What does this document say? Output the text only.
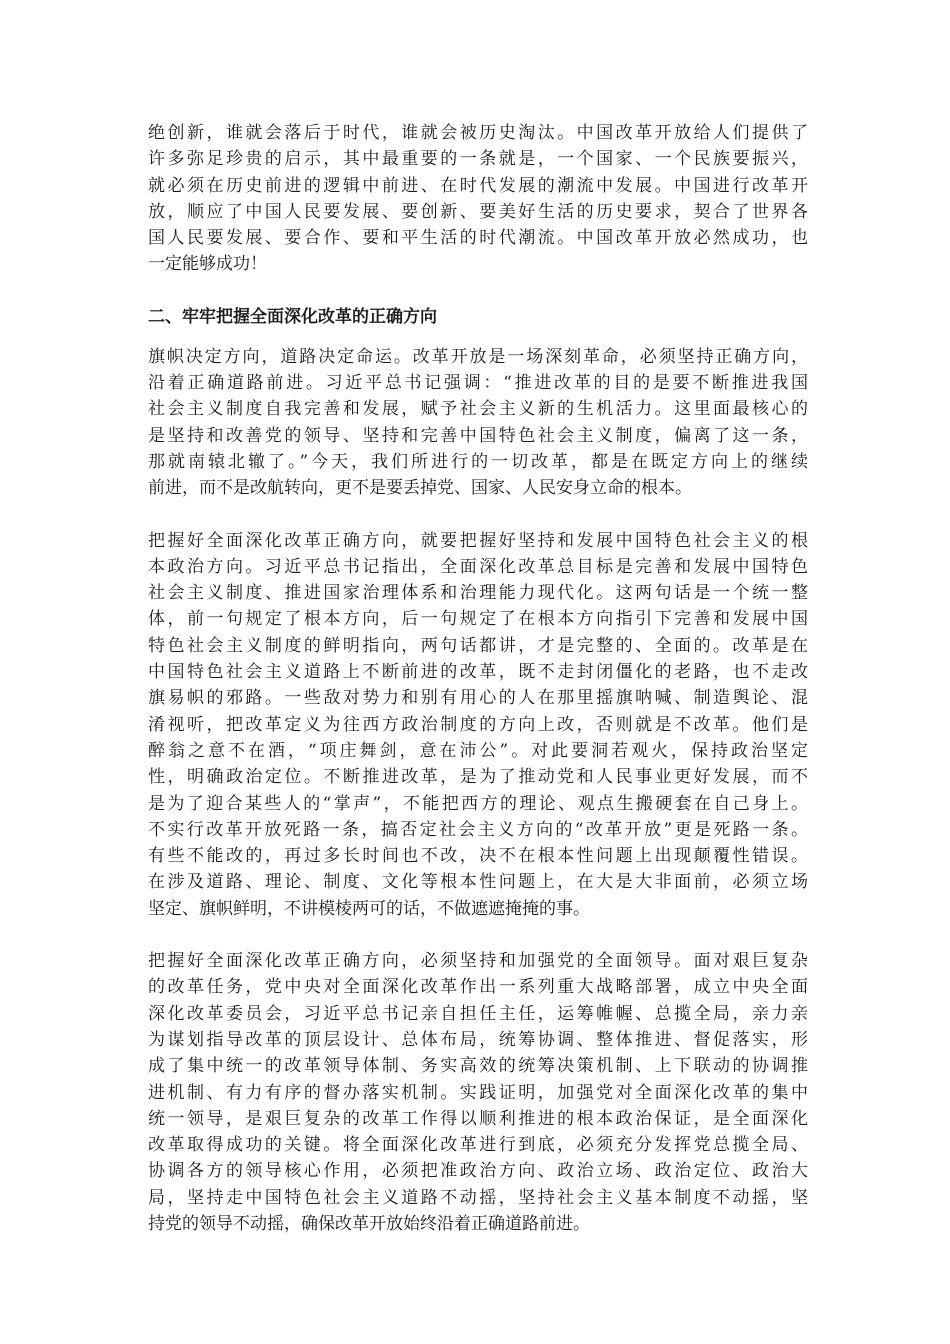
绝创新，谁就会落后于时代，谁就会被历史淘汰。中国改革开放给人们提供了
许多弥足珍贵的启示，其中最重要的一条就是，一个国家、一个民族要振兴，
就必须在历史前进的逻辑中前进、在时代发展的潮流中发展。中国进行改革开
放，顺应了中国人民要发展、要创新、要美好生活的历史要求，契合了世界各
国人民要发展、要合作、要和平生活的时代潮流。中国改革开放必然成功，也
一定能够成功！
二、牢牢把握全面深化改革的正确方向
旗帜决定方向，道路决定命运。改革开放是一场深刻革命，必须坚持正确方向，
沿着正确道路前进。习近平总书记强调：“推进改革的目的是要不断推进我国
社会主义制度自我完善和发展，赋予社会主义新的生机活力。这里面最核心的
是坚持和改善党的领导、坚持和完善中国特色社会主义制度，偏离了这一条，
那就南辕北辙了。”今天，我们所进行的一切改革，都是在既定方向上的继续
前进，而不是改航转向，更不是要丢掉党、国家、人民安身立命的根本。
把握好全面深化改革正确方向，就要把握好坚持和发展中国特色社会主义的根
本政治方向。习近平总书记指出，全面深化改革总目标是完善和发展中国特色
社会主义制度、推进国家治理体系和治理能力现代化。这两句话是一个统一整
体，前一句规定了根本方向，后一句规定了在根本方向指引下完善和发展中国
特色社会主义制度的鲜明指向，两句话都讲，才是完整的、全面的。改革是在
中国特色社会主义道路上不断前进的改革，既不走封闭僵化的老路，也不走改
旗易帜的邪路。一些敌对势力和别有用心的人在那里摇旗呐喊、制造舆论、混
淆视听，把改革定义为往西方政治制度的方向上改，否则就是不改革。他们是
醉翁之意不在酒，“项庄舞剑，意在沛公”。对此要洞若观火，保持政治坚定
性，明确政治定位。不断推进改革，是为了推动党和人民事业更好发展，而不
是为了迎合某些人的“掌声”，不能把西方的理论、观点生搬硬套在自己身上。
不实行改革开放死路一条，搞否定社会主义方向的“改革开放”更是死路一条。
有些不能改的，再过多长时间也不改，决不在根本性问题上出现颠覆性错误。
在涉及道路、理论、制度、文化等根本性问题上，在大是大非面前，必须立场
坚定、旗帜鲜明，不讲模棱两可的话，不做遮遮掩掩的事。
把握好全面深化改革正确方向，必须坚持和加强党的全面领导。面对艰巨复杂
的改革任务，党中央对全面深化改革作出一系列重大战略部署，成立中央全面
深化改革委员会，习近平总书记亲自担任主任，运筹帷幄、总揽全局，亲力亲
为谋划指导改革的顶层设计、总体布局，统筹协调、整体推进、督促落实，形
成了集中统一的改革领导体制、务实高效的统筹决策机制、上下联动的协调推
进机制、有力有序的督办落实机制。实践证明，加强党对全面深化改革的集中
统一领导，是艰巨复杂的改革工作得以顺利推进的根本政治保证，是全面深化
改革取得成功的关键。将全面深化改革进行到底，必须充分发挥党总揽全局、
协调各方的领导核心作用，必须把准政治方向、政治立场、政治定位、政治大
局，坚持走中国特色社会主义道路不动摇，坚持社会主义基本制度不动摇，坚
持党的领导不动摇，确保改革开放始终沿着正确道路前进。
